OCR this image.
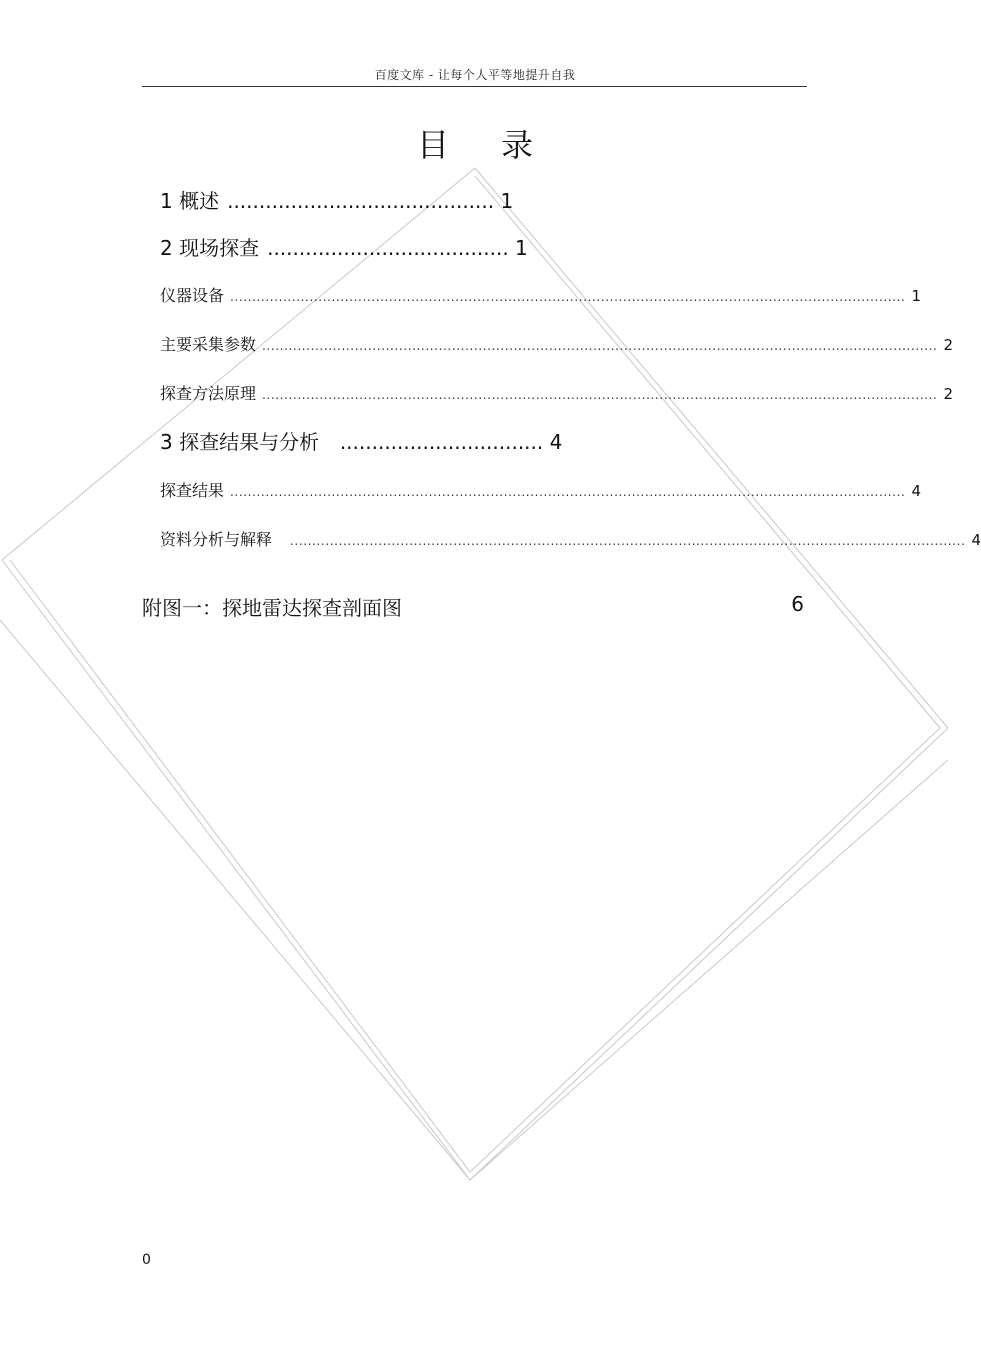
百度文库 - 让每个人平等地提升自我
目录
1 概述 .......................................... 1
2 现场探查 ...................................... 1
仪器设备 ......................................................................................................................................................... 1
主要采集参数 ......................................................................................................................................................... 2
探查方法原理 ......................................................................................................................................................... 2
3 探查结果与分析 ................................ 4
探查结果 ......................................................................................................................................................... 4
资料分析与解释 ......................................................................................................................................................... 4
附图一：探地雷达探查剖面图	6
0
